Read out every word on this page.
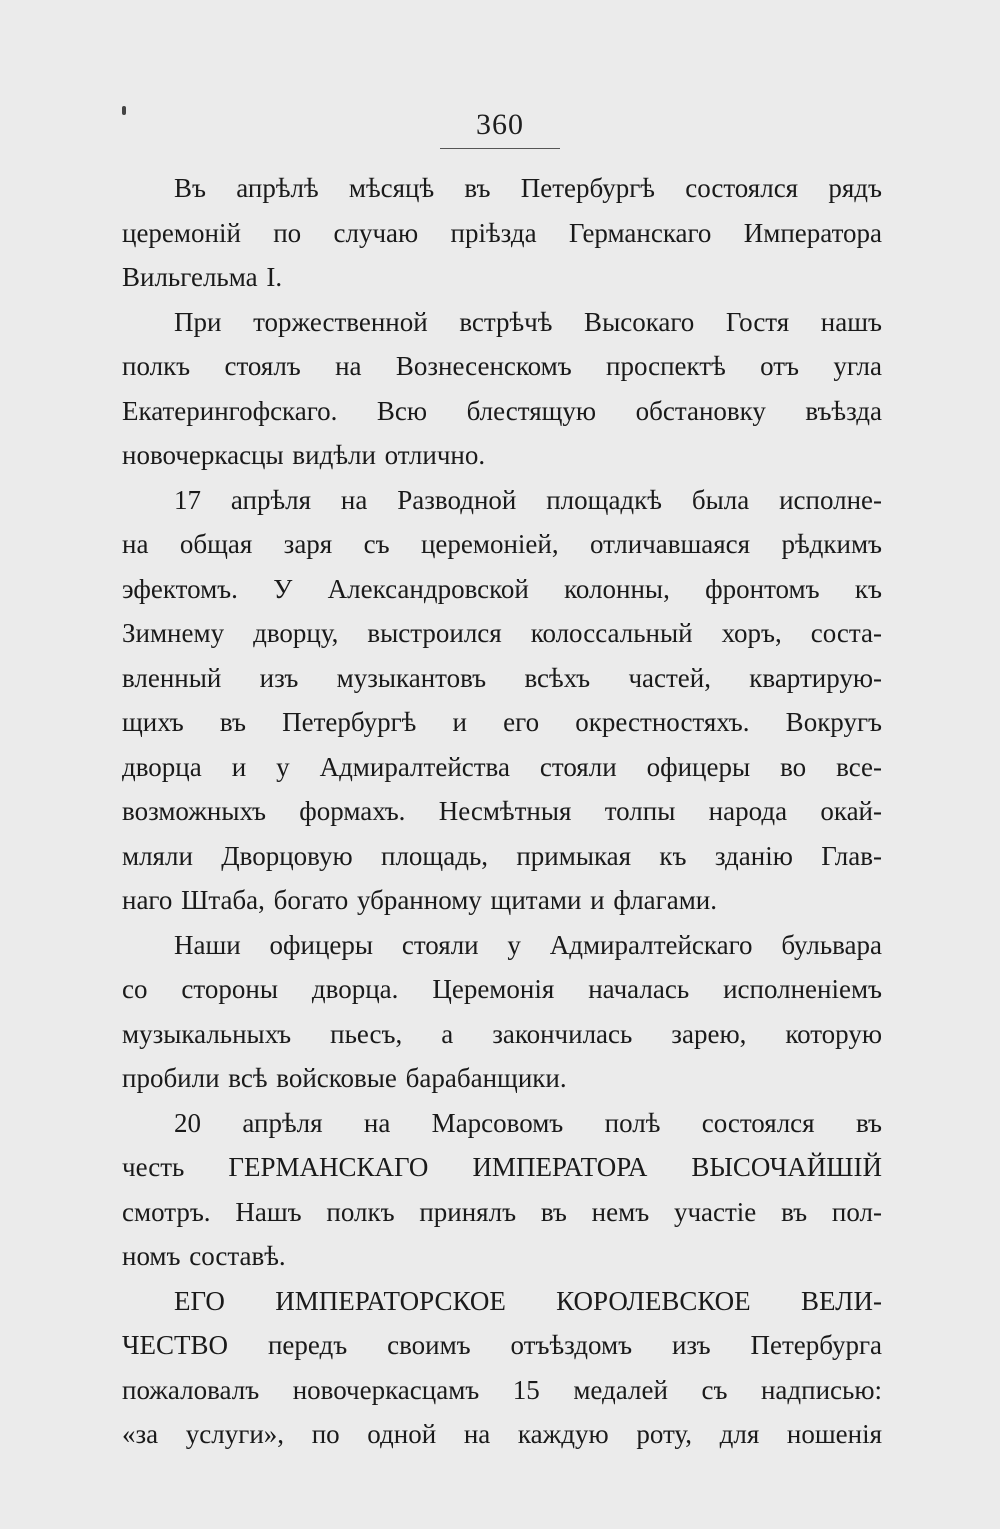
360
Въ апрѣлѣ мѣсяцѣ въ Петербургѣ состоялся рядъ
церемоній по случаю пріѣзда Германскаго Императора
Вильгельма I.
При торжественной встрѣчѣ Высокаго Гостя нашъ
полкъ стоялъ на Вознесенскомъ проспектѣ отъ угла
Екатерингофскаго. Всю блестящую обстановку въѣзда
новочеркасцы видѣли отлично.
17 апрѣля на Разводной площадкѣ была исполне-
на общая заря съ церемоніей, отличавшаяся рѣдкимъ
эфектомъ. У Александровской колонны, фронтомъ къ
Зимнему дворцу, выстроился колоссальный хоръ, соста-
вленный изъ музыкантовъ всѣхъ частей, квартирую-
щихъ въ Петербургѣ и его окрестностяхъ. Вокругъ
дворца и у Адмиралтейства стояли офицеры во все-
возможныхъ формахъ. Несмѣтныя толпы народа окай-
мляли Дворцовую площадь, примыкая къ зданію Глав-
наго Штаба, богато убранному щитами и флагами.
Наши офицеры стояли у Адмиралтейскаго бульвара
со стороны дворца. Церемонія началась исполненіемъ
музыкальныхъ пьесъ, а закончилась зарею, которую
пробили всѣ войсковые барабанщики.
20 апрѣля на Марсовомъ полѣ состоялся въ
честь ГЕРМАНСКАГО ИМПЕРАТОРА ВЫСОЧАЙШІЙ
смотръ. Нашъ полкъ принялъ въ немъ участіе въ пол-
номъ составѣ.
ЕГО ИМПЕРАТОРСКОЕ КОРОЛЕВСКОЕ ВЕЛИ-
ЧЕСТВО передъ своимъ отъѣздомъ изъ Петербурга
пожаловалъ новочеркасцамъ 15 медалей съ надписью:
«за услуги», по одной на каждую роту, для ношенія
